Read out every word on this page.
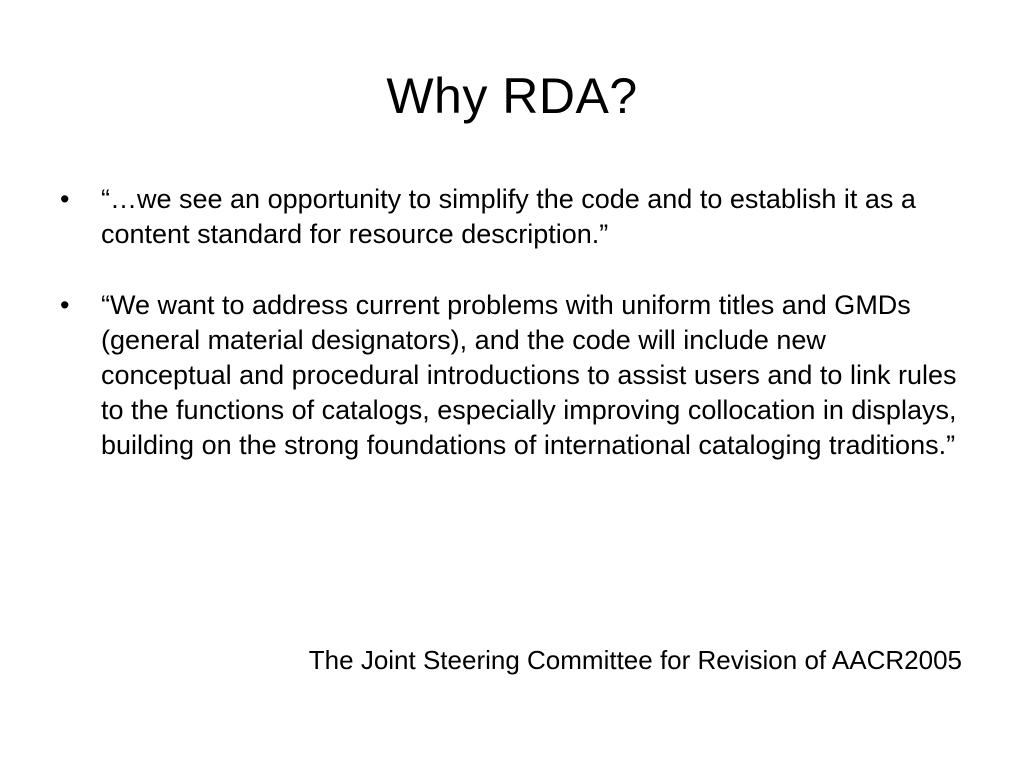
Why RDA?
• “…we see an opportunity to simplify the code and to establish it as a content standard for resource description.”
• “We want to address current problems with uniform titles and GMDs (general material designators), and the code will include new conceptual and procedural introductions to assist users and to link rules to the functions of catalogs, especially improving collocation in displays, building on the strong foundations of international cataloging traditions.”

The Joint Steering Committee for Revision of AACR2005
